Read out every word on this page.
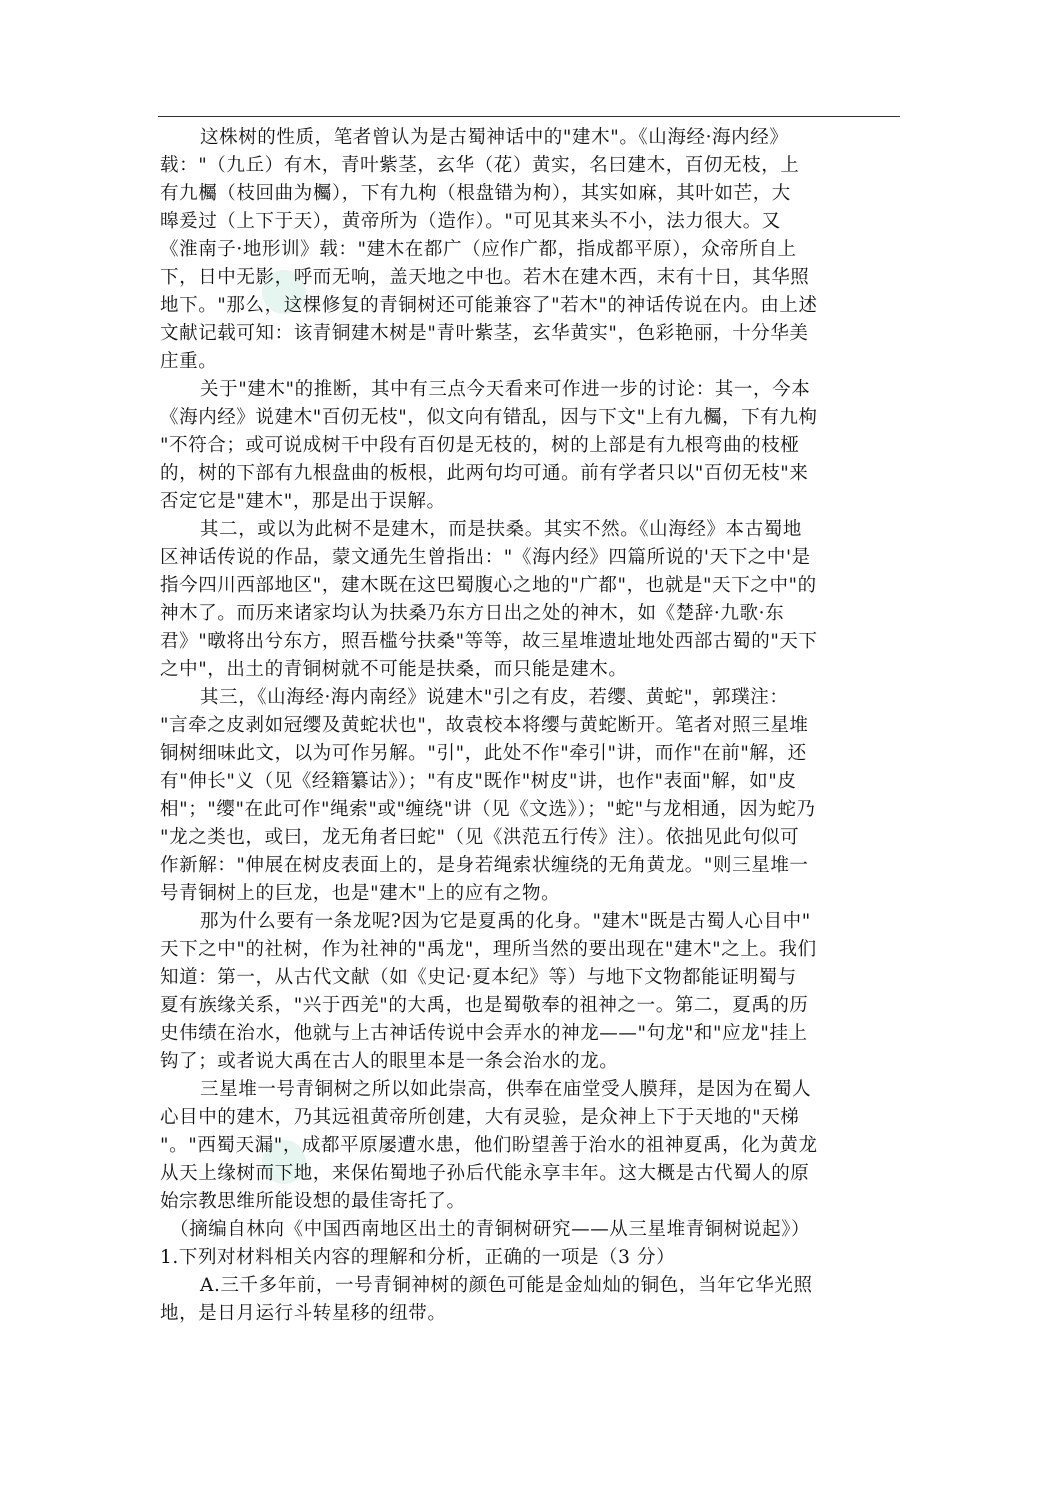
这株树的性质，笔者曾认为是古蜀神话中的"建木"。《山海经·海内经》
载："（九丘）有木，青叶紫茎，玄华（花）黄实，名曰建木，百仞无枝，上
有九欘（枝回曲为欘），下有九枸（根盘错为枸），其实如麻，其叶如芒，大
暤爰过（上下于天），黄帝所为（造作）。"可见其来头不小，法力很大。又
《淮南子·地形训》载："建木在都广（应作广都，指成都平原），众帝所自上
下，日中无影，呼而无响，盖天地之中也。若木在建木西，末有十日，其华照
地下。"那么，这棵修复的青铜树还可能兼容了"若木"的神话传说在内。由上述
文献记载可知：该青铜建木树是"青叶紫茎，玄华黄实"，色彩艳丽，十分华美
庄重。
关于"建木"的推断，其中有三点今天看来可作进一步的讨论：其一，今本
《海内经》说建木"百仞无枝"，似文向有错乱，因与下文"上有九欘，下有九枸
"不符合；或可说成树干中段有百仞是无枝的，树的上部是有九根弯曲的枝桠
的，树的下部有九根盘曲的板根，此两句均可通。前有学者只以"百仞无枝"来
否定它是"建木"，那是出于误解。
其二，或以为此树不是建木，而是扶桑。其实不然。《山海经》本古蜀地
区神话传说的作品，蒙文通先生曾指出："《海内经》四篇所说的'天下之中'是
指今四川西部地区"，建木既在这巴蜀腹心之地的"广都"，也就是"天下之中"的
神木了。而历来诸家均认为扶桑乃东方日出之处的神木，如《楚辞·九歌·东
君》"暾将出兮东方，照吾槛兮扶桑"等等，故三星堆遗址地处西部古蜀的"天下
之中"，出土的青铜树就不可能是扶桑，而只能是建木。
其三，《山海经·海内南经》说建木"引之有皮，若缨、黄蛇"，郭璞注：
"言牵之皮剥如冠缨及黄蛇状也"，故袁校本将缨与黄蛇断开。笔者对照三星堆
铜树细味此文，以为可作另解。"引"，此处不作"牵引"讲，而作"在前"解，还
有"伸长"义（见《经籍纂诂》）；"有皮"既作"树皮"讲，也作"表面"解，如"皮
相"；"缨"在此可作"绳索"或"缠绕"讲（见《文选》）；"蛇"与龙相通，因为蛇乃
"龙之类也，或曰，龙无角者曰蛇"（见《洪范五行传》注）。依拙见此句似可
作新解："伸展在树皮表面上的，是身若绳索状缠绕的无角黄龙。"则三星堆一
号青铜树上的巨龙，也是"建木"上的应有之物。
那为什么要有一条龙呢?因为它是夏禹的化身。"建木"既是古蜀人心目中"
天下之中"的社树，作为社神的"禹龙"，理所当然的要出现在"建木"之上。我们
知道：第一，从古代文献（如《史记·夏本纪》等）与地下文物都能证明蜀与
夏有族缘关系，"兴于西羌"的大禹，也是蜀敬奉的祖神之一。第二，夏禹的历
史伟绩在治水，他就与上古神话传说中会弄水的神龙——"句龙"和"应龙"挂上
钩了；或者说大禹在古人的眼里本是一条会治水的龙。
三星堆一号青铜树之所以如此崇高，供奉在庙堂受人膜拜，是因为在蜀人
心目中的建木，乃其远祖黄帝所创建，大有灵验，是众神上下于天地的"天梯
"。"西蜀天漏"，成都平原屡遭水患，他们盼望善于治水的祖神夏禹，化为黄龙
从天上缘树而下地，来保佑蜀地子孙后代能永享丰年。这大概是古代蜀人的原
始宗教思维所能设想的最佳寄托了。
（摘编自林向《中国西南地区出土的青铜树研究——从三星堆青铜树说起》）
1.下列对材料相关内容的理解和分析，正确的一项是（3 分）
A.三千多年前，一号青铜神树的颜色可能是金灿灿的铜色，当年它华光照
地，是日月运行斗转星移的纽带。
